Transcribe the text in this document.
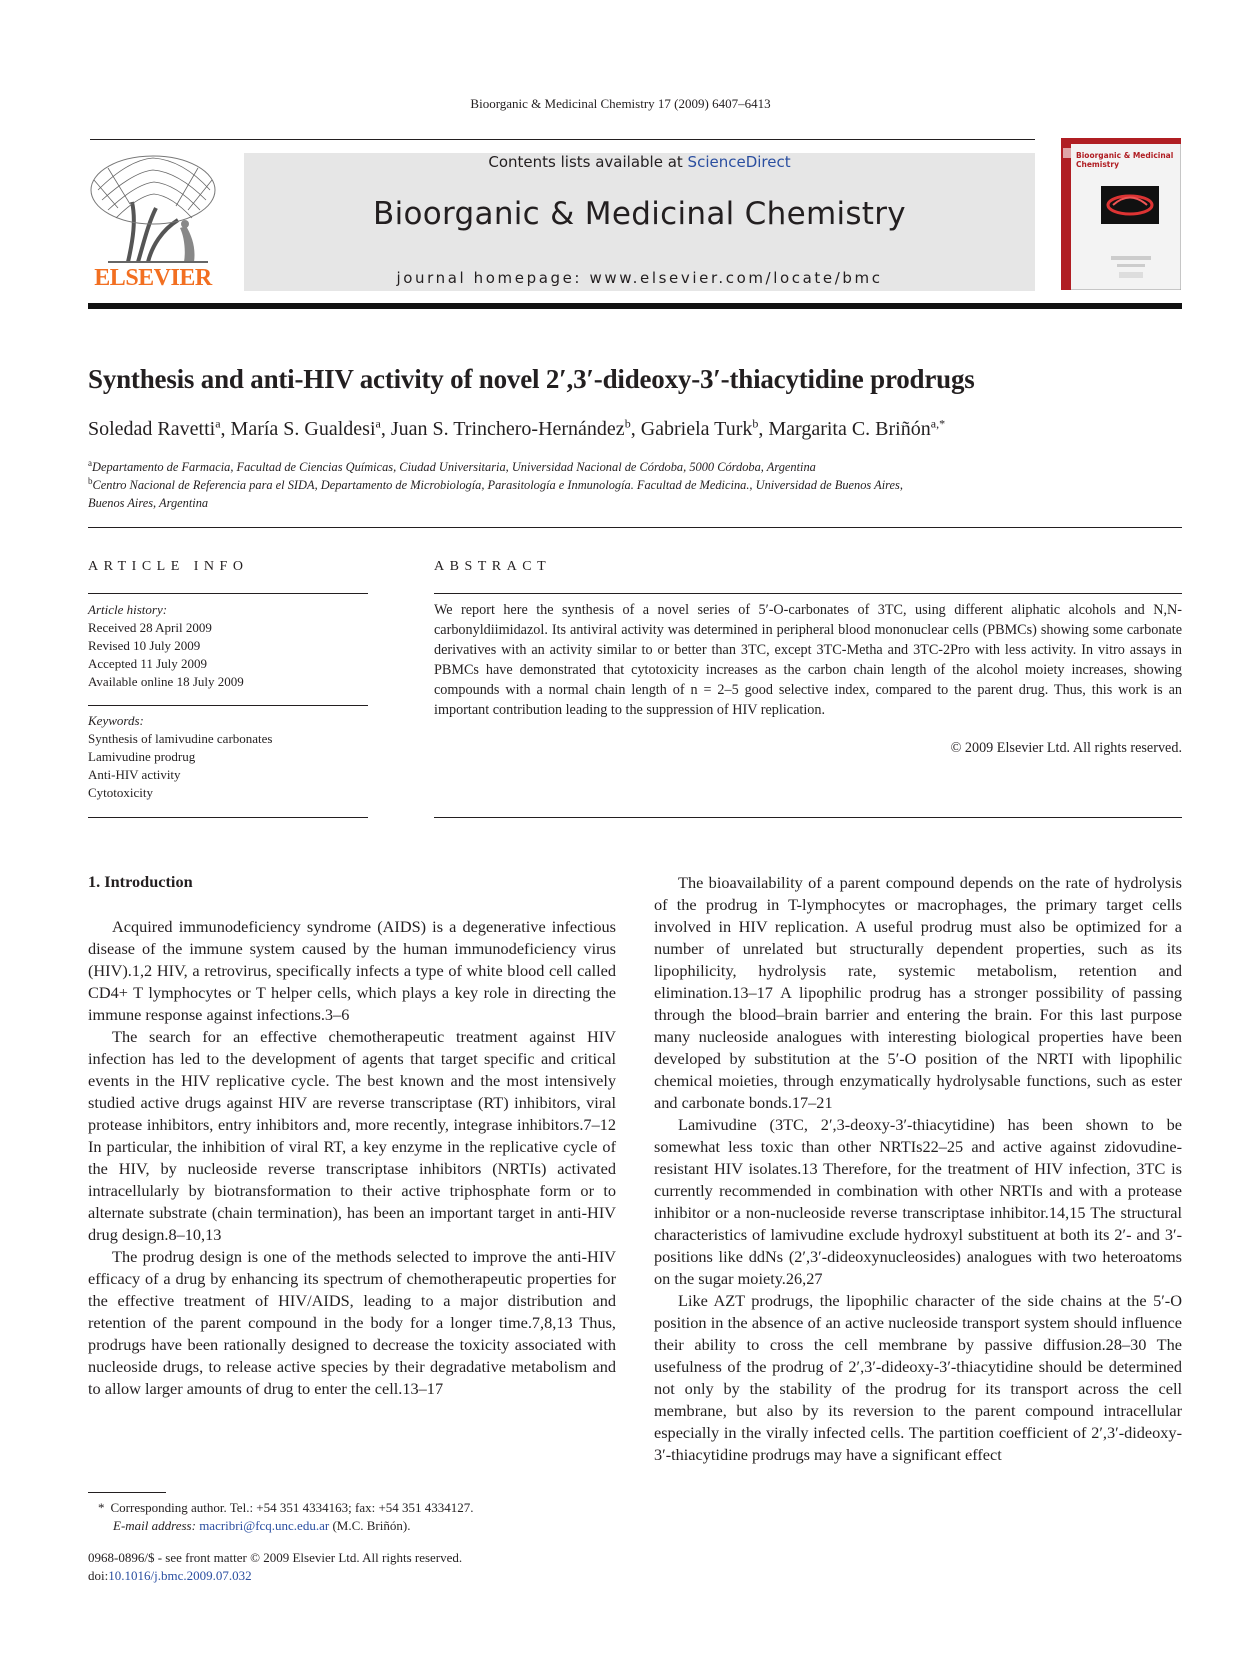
Bioorganic & Medicinal Chemistry 17 (2009) 6407–6413
ELSEVIER
Contents lists available at ScienceDirect
Bioorganic & Medicinal Chemistry
journal homepage: www.elsevier.com/locate/bmc
Bioorganic & Medicinal Chemistry
Synthesis and anti-HIV activity of novel 2′,3′-dideoxy-3′-thiacytidine prodrugs
Soledad Ravetti$^a$, María S. Gualdesi$^a$, Juan S. Trinchero-Hernández$^b$, Gabriela Turk$^b$, Margarita C. Briñón$^{a,*}$
$^a$Departamento de Farmacia, Facultad de Ciencias Químicas, Ciudad Universitaria, Universidad Nacional de Córdoba, 5000 Córdoba, Argentina
$^b$Centro Nacional de Referencia para el SIDA, Departamento de Microbiología, Parasitología e Inmunología. Facultad de Medicina., Universidad de Buenos Aires,
Buenos Aires, Argentina
ARTICLE INFO
Article history:
Received 28 April 2009
Revised 10 July 2009
Accepted 11 July 2009
Available online 18 July 2009
Keywords:
Synthesis of lamivudine carbonates
Lamivudine prodrug
Anti-HIV activity
Cytotoxicity
ABSTRACT
We report here the synthesis of a novel series of 5′-O-carbonates of 3TC, using different aliphatic alcohols and N,N-carbonyldiimidazol. Its antiviral activity was determined in peripheral blood mononuclear cells (PBMCs) showing some carbonate derivatives with an activity similar to or better than 3TC, except 3TC-Metha and 3TC-2Pro with less activity. In vitro assays in PBMCs have demonstrated that cytotoxicity increases as the carbon chain length of the alcohol moiety increases, showing compounds with a normal chain length of n = 2–5 good selective index, compared to the parent drug. Thus, this work is an important contribution leading to the suppression of HIV replication.
© 2009 Elsevier Ltd. All rights reserved.
1. Introduction

Acquired immunodeficiency syndrome (AIDS) is a degenerative infectious disease of the immune system caused by the human immunodeficiency virus (HIV).1,2 HIV, a retrovirus, specifically infects a type of white blood cell called CD4+ T lymphocytes or T helper cells, which plays a key role in directing the immune response against infections.3–6

The search for an effective chemotherapeutic treatment against HIV infection has led to the development of agents that target specific and critical events in the HIV replicative cycle. The best known and the most intensively studied active drugs against HIV are reverse transcriptase (RT) inhibitors, viral protease inhibitors, entry inhibitors and, more recently, integrase inhibitors.7–12 In particular, the inhibition of viral RT, a key enzyme in the replicative cycle of the HIV, by nucleoside reverse transcriptase inhibitors (NRTIs) activated intracellularly by biotransformation to their active triphosphate form or to alternate substrate (chain termination), has been an important target in anti-HIV drug design.8–10,13

The prodrug design is one of the methods selected to improve the anti-HIV efficacy of a drug by enhancing its spectrum of chemotherapeutic properties for the effective treatment of HIV/AIDS, leading to a major distribution and retention of the parent compound in the body for a longer time.7,8,13 Thus, prodrugs have been rationally designed to decrease the toxicity associated with nucleoside drugs, to release active species by their degradative metabolism and to allow larger amounts of drug to enter the cell.13–17

The bioavailability of a parent compound depends on the rate of hydrolysis of the prodrug in T-lymphocytes or macrophages, the primary target cells involved in HIV replication. A useful prodrug must also be optimized for a number of unrelated but structurally dependent properties, such as its lipophilicity, hydrolysis rate, systemic metabolism, retention and elimination.13–17 A lipophilic prodrug has a stronger possibility of passing through the blood–brain barrier and entering the brain. For this last purpose many nucleoside analogues with interesting biological properties have been developed by substitution at the 5′-O position of the NRTI with lipophilic chemical moieties, through enzymatically hydrolysable functions, such as ester and carbonate bonds.17–21

Lamivudine (3TC, 2′,3-deoxy-3′-thiacytidine) has been shown to be somewhat less toxic than other NRTIs22–25 and active against zidovudine-resistant HIV isolates.13 Therefore, for the treatment of HIV infection, 3TC is currently recommended in combination with other NRTIs and with a protease inhibitor or a non-nucleoside reverse transcriptase inhibitor.14,15 The structural characteristics of lamivudine exclude hydroxyl substituent at both its 2′- and 3′-positions like ddNs (2′,3′-dideoxynucleosides) analogues with two heteroatoms on the sugar moiety.26,27

Like AZT prodrugs, the lipophilic character of the side chains at the 5′-O position in the absence of an active nucleoside transport system should influence their ability to cross the cell membrane by passive diffusion.28–30 The usefulness of the prodrug of 2′,3′-dideoxy-3′-thiacytidine should be determined not only by the stability of the prodrug for its transport across the cell membrane, but also by its reversion to the parent compound intracellular especially in the virally infected cells. The partition coefficient of 2′,3′-dideoxy-3′-thiacytidine prodrugs may have a significant effect

* Corresponding author. Tel.: +54 351 4334163; fax: +54 351 4334127.
E-mail address: macribri@fcq.unc.edu.ar (M.C. Briñón).
0968-0896/$ - see front matter © 2009 Elsevier Ltd. All rights reserved.
doi:10.1016/j.bmc.2009.07.032
